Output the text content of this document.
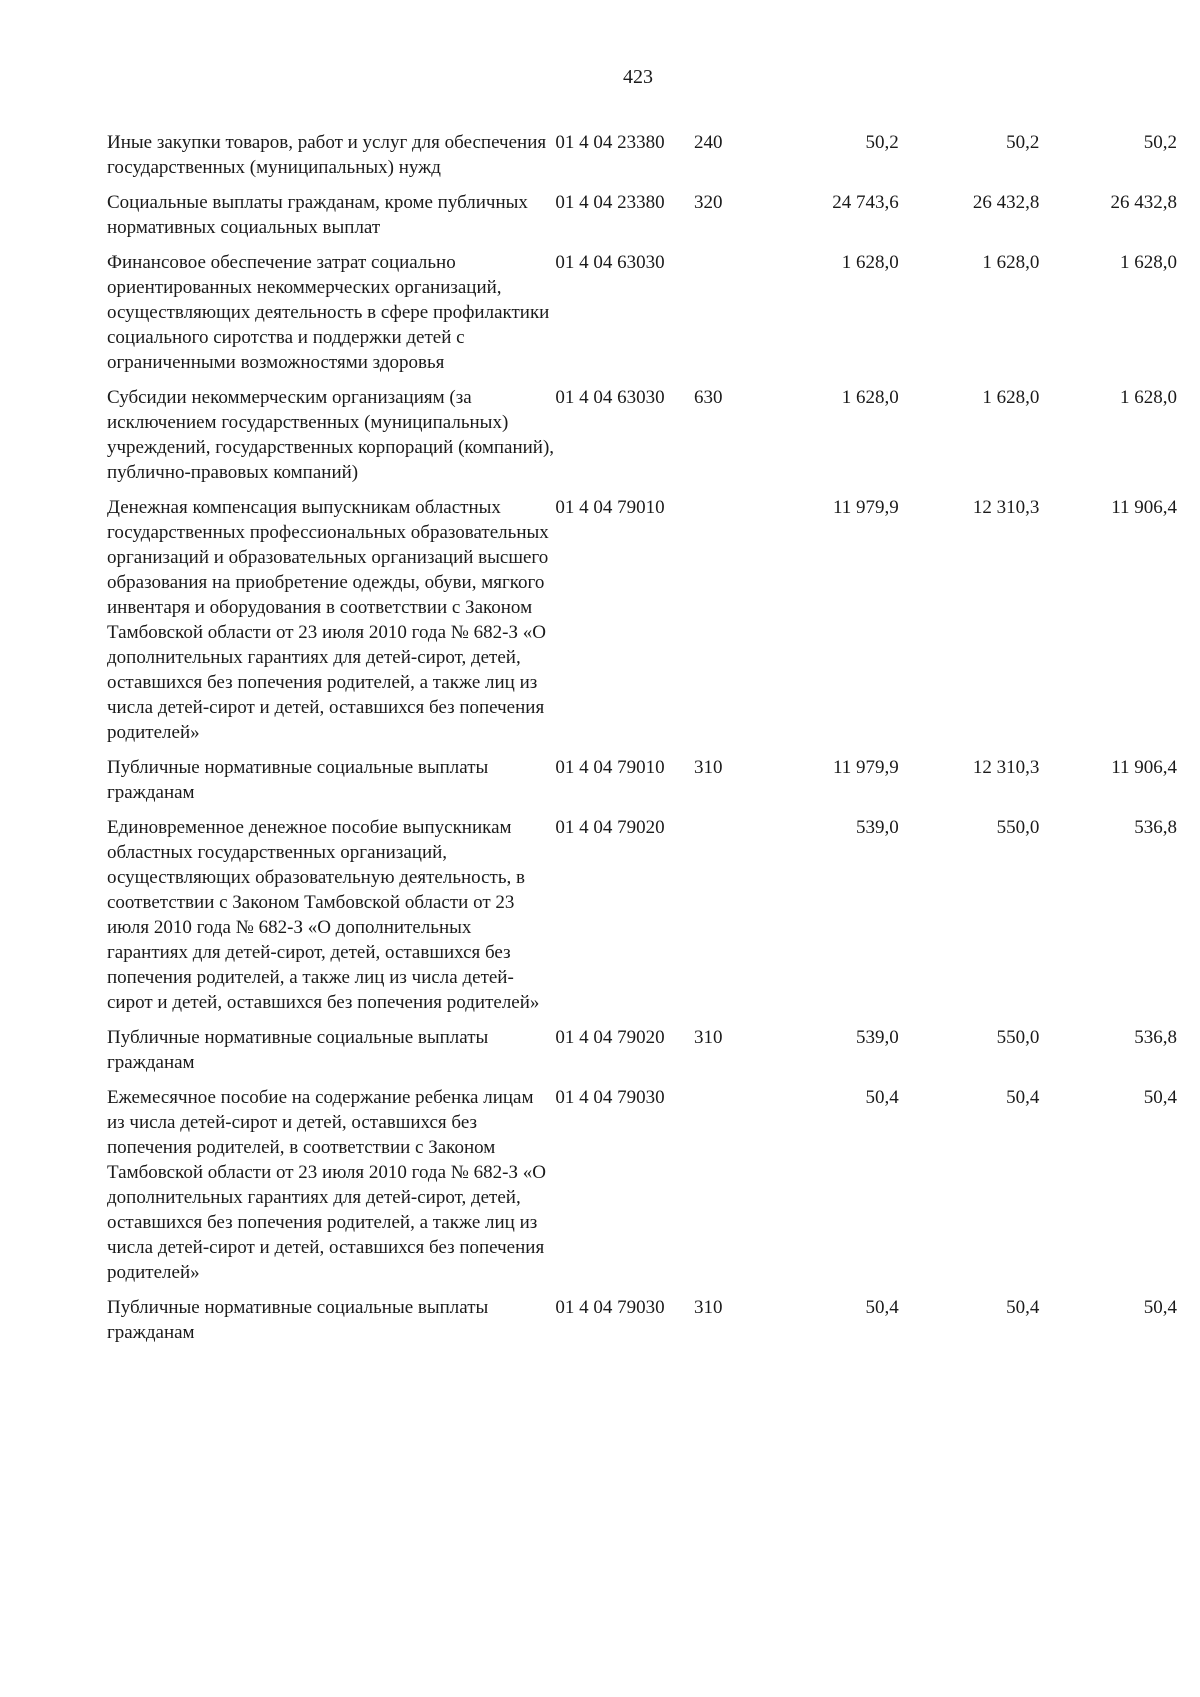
423
Иные закупки товаров, работ и услуг для обеспечения государственных (муниципальных) нужд	01 4 04 23380	240	50,2	50,2	50,2
Социальные выплаты гражданам, кроме публичных нормативных социальных выплат	01 4 04 23380	320	24 743,6	26 432,8	26 432,8
Финансовое обеспечение затрат социально ориентированных некоммерческих организаций, осуществляющих деятельность в сфере профилактики социального сиротства и поддержки детей с ограниченными возможностями здоровья	01 4 04 63030		1 628,0	1 628,0	1 628,0
Субсидии некоммерческим организациям (за исключением государственных (муниципальных) учреждений, государственных корпораций (компаний), публично-правовых компаний)	01 4 04 63030	630	1 628,0	1 628,0	1 628,0
Денежная компенсация выпускникам областных государственных профессиональных образовательных организаций и образовательных организаций высшего образования на приобретение одежды, обуви, мягкого инвентаря и оборудования в соответствии с Законом Тамбовской области от 23 июля 2010 года № 682-З «О дополнительных гарантиях для детей-сирот, детей, оставшихся без попечения родителей, а также лиц из числа детей-сирот и детей, оставшихся без попечения родителей»	01 4 04 79010		11 979,9	12 310,3	11 906,4
Публичные нормативные социальные выплаты гражданам	01 4 04 79010	310	11 979,9	12 310,3	11 906,4
Единовременное денежное пособие выпускникам областных государственных организаций, осуществляющих образовательную деятельность, в соответствии с Законом Тамбовской области от 23 июля 2010 года № 682-З «О дополнительных гарантиях для детей-сирот, детей, оставшихся без попечения родителей, а также лиц из числа детей-сирот и детей, оставшихся без попечения родителей»	01 4 04 79020		539,0	550,0	536,8
Публичные нормативные социальные выплаты гражданам	01 4 04 79020	310	539,0	550,0	536,8
Ежемесячное пособие на содержание ребенка лицам из числа детей-сирот и детей, оставшихся без попечения родителей, в соответствии с Законом Тамбовской области от 23 июля 2010 года № 682-З «О дополнительных гарантиях для детей-сирот, детей, оставшихся без попечения родителей, а также лиц из числа детей-сирот и детей, оставшихся без попечения родителей»	01 4 04 79030		50,4	50,4	50,4
Публичные нормативные социальные выплаты гражданам	01 4 04 79030	310	50,4	50,4	50,4
